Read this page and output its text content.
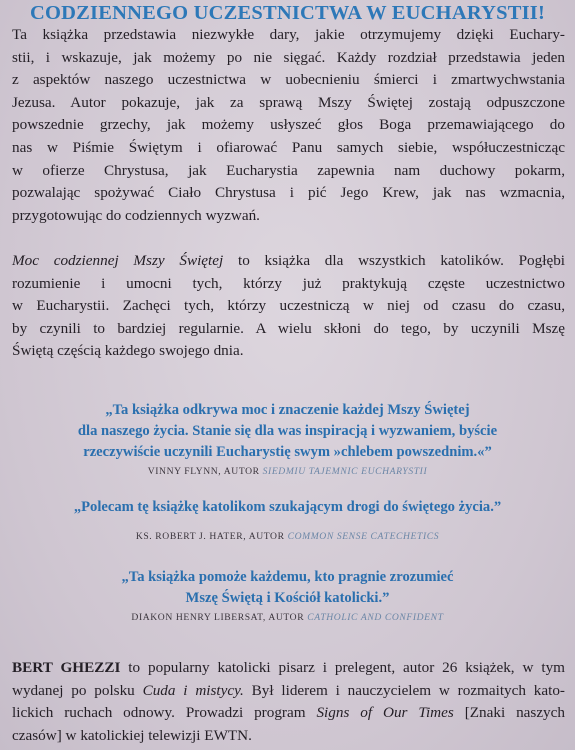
CODZIENNEGO UCZESTNICTWA W EUCHARYSTII!
Ta książka przedstawia niezwykłe dary, jakie otrzymujemy dzięki Euchary-
stii, i wskazuje, jak możemy po nie sięgać. Każdy rozdział przedstawia jeden
z aspektów naszego uczestnictwa w uobecnieniu śmierci i zmartwychwstania
Jezusa. Autor pokazuje, jak za sprawą Mszy Świętej zostają odpuszczone
powszednie grzechy, jak możemy usłyszeć głos Boga przemawiającego do
nas w Piśmie Świętym i ofiarować Panu samych siebie, współuczestnicząc
w ofierze Chrystusa, jak Eucharystia zapewnia nam duchowy pokarm,
pozwalając spożywać Ciało Chrystusa i pić Jego Krew, jak nas wzmacnia,
przygotowując do codziennych wyzwań.
Moc codziennej Mszy Świętej to książka dla wszystkich katolików. Pogłębi
rozumienie i umocni tych, którzy już praktykują częste uczestnictwo
w Eucharystii. Zachęci tych, którzy uczestniczą w niej od czasu do czasu,
by czynili to bardziej regularnie. A wielu skłoni do tego, by uczynili Mszę
Świętą częścią każdego swojego dnia.
„Ta książka odkrywa moc i znaczenie każdej Mszy Świętej
dla naszego życia. Stanie się dla was inspiracją i wyzwaniem, byście
rzeczywiście uczynili Eucharystię swym »chlebem powszednim.«”
VINNY FLYNN, AUTOR SIEDMIU TAJEMNIC EUCHARYSTII
„Polecam tę książkę katolikom szukającym drogi do świętego życia.”
KS. ROBERT J. HATER, AUTOR COMMON SENSE CATECHETICS
„Ta książka pomoże każdemu, kto pragnie zrozumieć
Mszę Świętą i Kościół katolicki.”
DIAKON HENRY LIBERSAT, AUTOR CATHOLIC AND CONFIDENT
BERT GHEZZI to popularny katolicki pisarz i prelegent, autor 26 książek, w tym
wydanej po polsku Cuda i mistycy. Był liderem i nauczycielem w rozmaitych kato-
lickich ruchach odnowy. Prowadzi program Signs of Our Times [Znaki naszych
czasów] w katolickiej telewizji EWTN.
